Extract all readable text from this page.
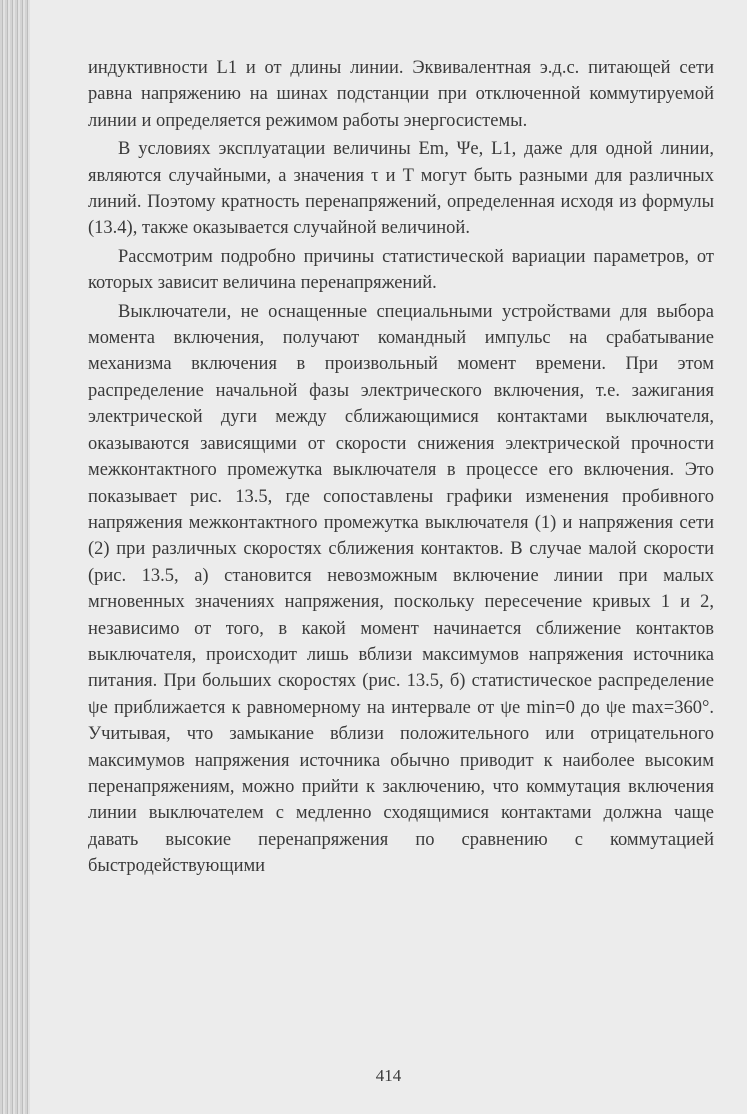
индуктивности L1 и от длины линии. Эквивалентная э.д.с. питающей сети равна напряжению на шинах подстанции при отключенной коммутируемой линии и определяется режимом работы энергосистемы.

В условиях эксплуатации величины Em, Ψe, L1, даже для одной линии, являются случайными, а значения τ и T могут быть разными для различных линий. Поэтому кратность перенапряжений, определенная исходя из формулы (13.4), также оказывается случайной величиной.

Рассмотрим подробно причины статистической вариации параметров, от которых зависит величина перенапряжений.

Выключатели, не оснащенные специальными устройствами для выбора момента включения, получают командный импульс на срабатывание механизма включения в произвольный момент времени. При этом распределение начальной фазы электрического включения, т.е. зажигания электрической дуги между сближающимися контактами выключателя, оказываются зависящими от скорости снижения электрической прочности межконтактного промежутка выключателя в процессе его включения. Это показывает рис. 13.5, где сопоставлены графики изменения пробивного напряжения межконтактного промежутка выключателя (1) и напряжения сети (2) при различных скоростях сближения контактов. В случае малой скорости (рис. 13.5, а) становится невозможным включение линии при малых мгновенных значениях напряжения, поскольку пересечение кривых 1 и 2, независимо от того, в какой момент начинается сближение контактов выключателя, происходит лишь вблизи максимумов напряжения источника питания. При больших скоростях (рис. 13.5, б) статистическое распределение ψe приближается к равномерному на интервале от ψe min=0 до ψe max=360°. Учитывая, что замыкание вблизи положительного или отрицательного максимумов напряжения источника обычно приводит к наиболее высоким перенапряжениям, можно прийти к заключению, что коммутация включения линии выключателем с медленно сходящимися контактами должна чаще давать высокие перенапряжения по сравнению с коммутацией быстродействующими

414
